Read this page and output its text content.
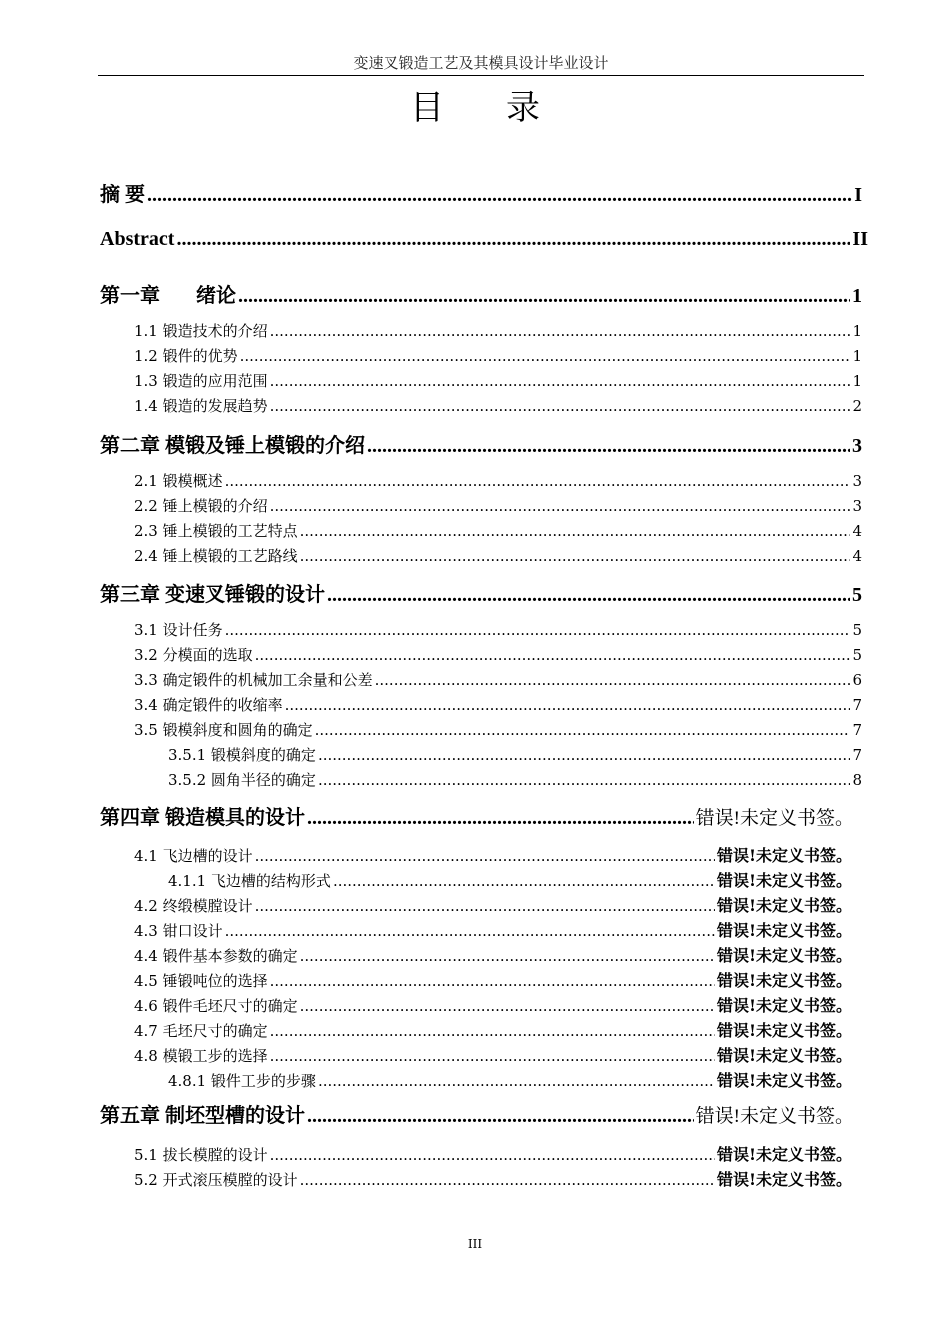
变速叉锻造工艺及其模具设计毕业设计
目 录
摘 要 .....	I
Abstract .....	II
第一章 绪论 .....	1
1.1 锻造技术的介绍 .....	1
1.2 锻件的优势 .....	1
1.3 锻造的应用范围 .....	1
1.4 锻造的发展趋势 .....	2
第二章 模锻及锤上模锻的介绍 .....	3
2.1 锻模概述 .....	3
2.2 锤上模锻的介绍 .....	3
2.3 锤上模锻的工艺特点 .....	4
2.4 锤上模锻的工艺路线 .....	4
第三章 变速叉锤锻的设计 .....	5
3.1 设计任务 .....	5
3.2 分模面的选取 .....	5
3.3 确定锻件的机械加工余量和公差 .....	6
3.4 确定锻件的收缩率 .....	7
3.5 锻模斜度和圆角的确定 .....	7
3.5.1 锻模斜度的确定 .....	7
3.5.2 圆角半径的确定 .....	8
第四章 锻造模具的设计 .....	错误!未定义书签。
4.1 飞边槽的设计 .....	错误!未定义书签。
4.1.1 飞边槽的结构形式 .....	错误!未定义书签。
4.2 终缎模膛设计 .....	错误!未定义书签。
4.3 钳口设计 .....	错误!未定义书签。
4.4 锻件基本参数的确定 .....	错误!未定义书签。
4.5 锤锻吨位的选择 .....	错误!未定义书签。
4.6 锻件毛坯尺寸的确定 .....	错误!未定义书签。
4.7 毛坯尺寸的确定 .....	错误!未定义书签。
4.8 模锻工步的选择 .....	错误!未定义书签。
4.8.1 锻件工步的步骤 .....	错误!未定义书签。
第五章 制坯型槽的设计 .....	错误!未定义书签。
5.1 拔长模膛的设计 .....	错误!未定义书签。
5.2 开式滚压模膛的设计 .....	错误!未定义书签。
III
